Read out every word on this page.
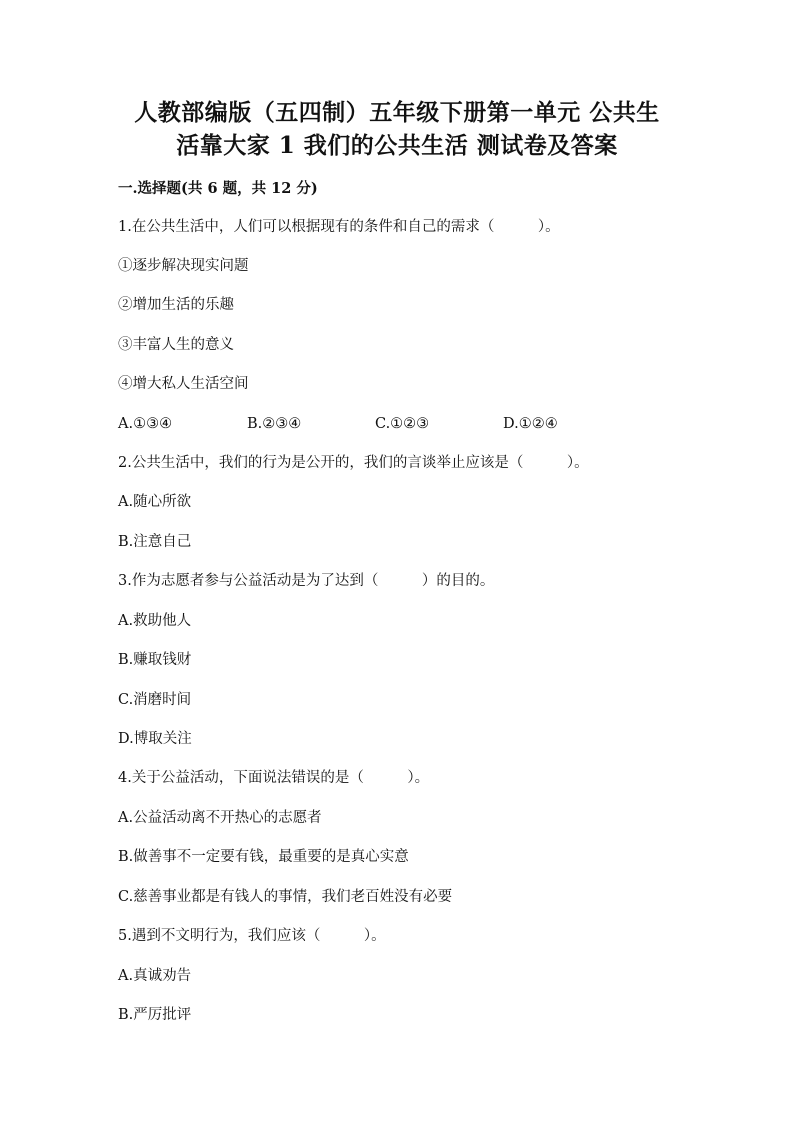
人教部编版（五四制）五年级下册第一单元 公共生
活靠大家 1 我们的公共生活 测试卷及答案
一.选择题(共 6 题，共 12 分)
1.在公共生活中，人们可以根据现有的条件和自己的需求（　　　）。
①逐步解决现实问题
②增加生活的乐趣
③丰富人生的意义
④增大私人生活空间
A.①③④	B.②③④	C.①②③	D.①②④
2.公共生活中，我们的行为是公开的，我们的言谈举止应该是（　　　）。
A.随心所欲
B.注意自己
3.作为志愿者参与公益活动是为了达到（　　　）的目的。
A.救助他人
B.赚取钱财
C.消磨时间
D.博取关注
4.关于公益活动，下面说法错误的是（　　　）。
A.公益活动离不开热心的志愿者
B.做善事不一定要有钱，最重要的是真心实意
C.慈善事业都是有钱人的事情，我们老百姓没有必要
5.遇到不文明行为，我们应该（　　　）。
A.真诚劝告
B.严厉批评
